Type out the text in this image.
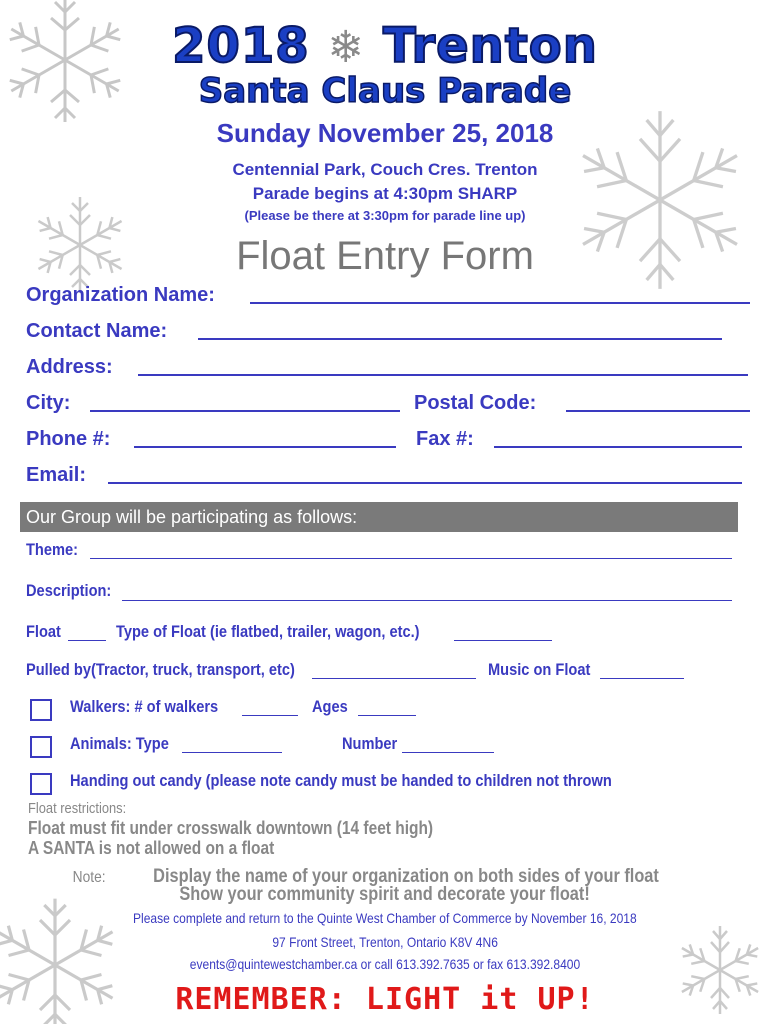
2018 ❄ Trenton
Santa Claus Parade
Sunday November 25, 2018
Centennial Park, Couch Cres. Trenton
Parade begins at 4:30pm SHARP
(Please be there at 3:30pm for parade line up)
Float Entry Form
Organization Name:
Contact Name:
Address:
City:	Postal Code:
Phone #:	Fax #:
Email:
Our Group will be participating as follows:
Theme:
Description:
Float	Type of Float (ie flatbed, trailer, wagon, etc.)
Pulled by(Tractor, truck, transport, etc)	Music on Float
Walkers: # of walkers	Ages
Animals: Type	Number
Handing out candy (please note candy must be handed to children not thrown
Float restrictions:
Float must fit under crosswalk downtown (14 feet high)
A SANTA is not allowed on a float
Note:	Display the name of your organization on both sides of your float
Show your community spirit and decorate your float!
Please complete and return to the Quinte West Chamber of Commerce by November 16, 2018
97 Front Street, Trenton, Ontario K8V 4N6
events@quintewestchamber.ca or call 613.392.7635 or fax 613.392.8400
REMEMBER: LIGHT it UP!
